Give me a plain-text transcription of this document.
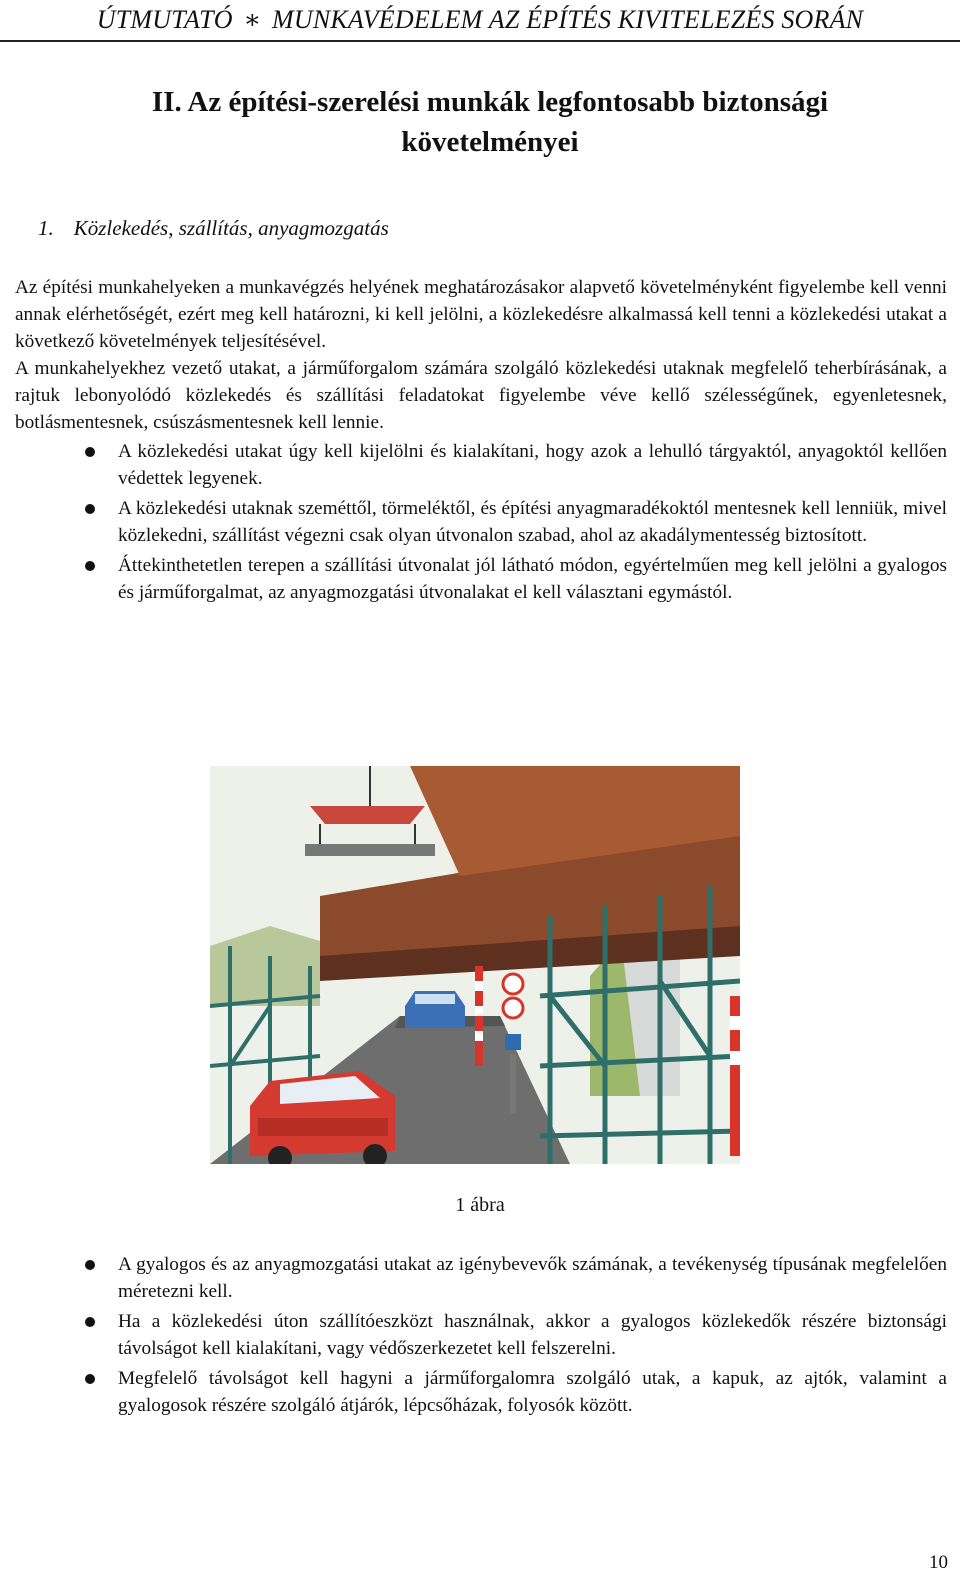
ÚTMUTATÓ ∗ MUNKAVÉDELEM AZ ÉPÍTÉS KIVITELEZÉS SORÁN
II. Az építési-szerelési munkák legfontosabb biztonsági
követelményei
1. Közlekedés, szállítás, anyagmozgatás

Az építési munkahelyeken a munkavégzés helyének meghatározásakor alapvető követelményként figyelembe kell venni annak elérhetőségét, ezért meg kell határozni, ki kell jelölni, a közlekedésre alkalmassá kell tenni a közlekedési utakat a következő követelmények teljesítésével.

A munkahelyekhez vezető utakat, a járműforgalom számára szolgáló közlekedési utaknak megfelelő teherbírásának, a rajtuk lebonyolódó közlekedés és szállítási feladatokat figyelembe véve kellő szélességűnek, egyenletesnek, botlásmentesnek, csúszásmentesnek kell lennie.

A közlekedési utakat úgy kell kijelölni és kialakítani, hogy azok a lehulló tárgyaktól, anyagoktól kellően védettek legyenek.
A közlekedési utaknak szeméttől, törmeléktől, és építési anyagmaradékoktól mentesnek kell lenniük, mivel közlekedni, szállítást végezni csak olyan útvonalon szabad, ahol az akadálymentesség biztosított.
Áttekinthetetlen terepen a szállítási útvonalat jól látható módon, egyértelműen meg kell jelölni a gyalogos és járműforgalmat, az anyagmozgatási útvonalakat el kell választani egymástól.
1 ábra
A gyalogos és az anyagmozgatási utakat az igénybevevők számának, a tevékenység típusának megfelelően méretezni kell.
Ha a közlekedési úton szállítóeszközt használnak, akkor a gyalogos közlekedők részére biztonsági távolságot kell kialakítani, vagy védőszerkezetet kell felszerelni.
Megfelelő távolságot kell hagyni a járműforgalomra szolgáló utak, a kapuk, az ajtók, valamint a gyalogosok részére szolgáló átjárók, lépcsőházak, folyosók között.
10
